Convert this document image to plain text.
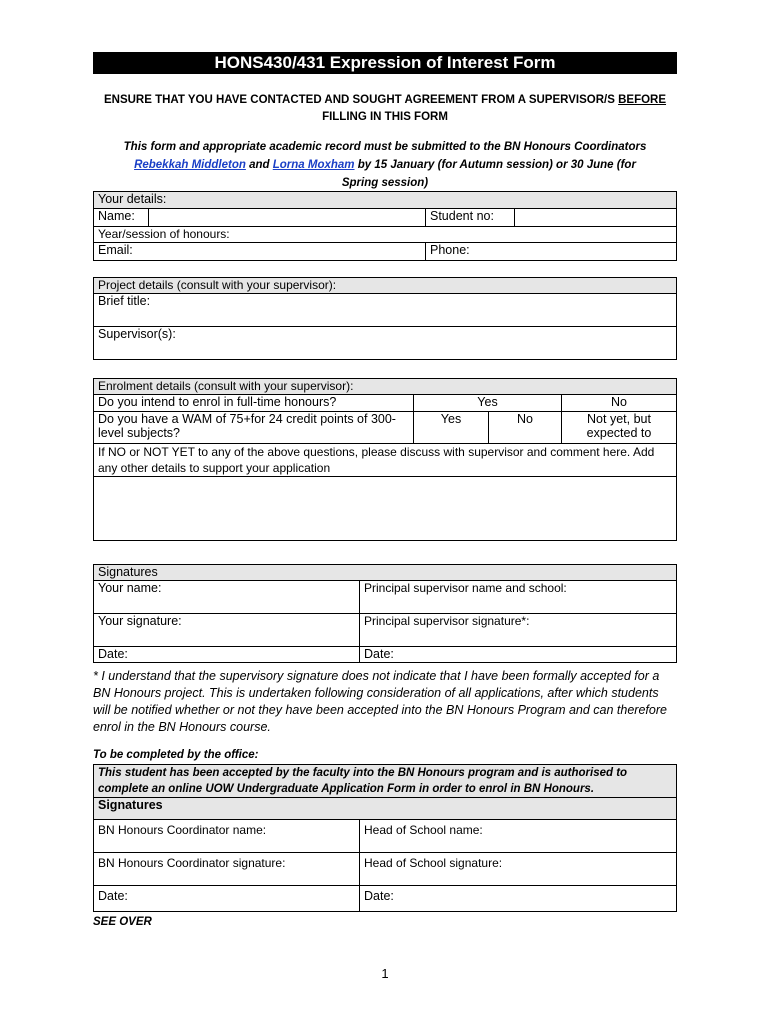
HONS430/431 Expression of Interest Form
ENSURE THAT YOU HAVE CONTACTED AND SOUGHT AGREEMENT FROM A SUPERVISOR/S BEFORE
FILLING IN THIS FORM
This form and appropriate academic record must be submitted to the BN Honours Coordinators Rebekkah Middleton and Lorna Moxham by 15 January (for Autumn session) or 30 June (for Spring session)
Your details:			
Name:		Student no:	
Year/session of honours:			
Email:		Phone:	
Project details (consult with your supervisor):
Brief title:
Supervisor(s):
Enrolment details (consult with your supervisor):			
Do you intend to enrol in full-time honours?	Yes		No
Do you have a WAM of 75+for 24 credit points of 300-level subjects?	Yes	No	Not yet, but expected to
If NO or NOT YET to any of the above questions, please discuss with supervisor and comment here. Add any other details to support your application			

Signatures	
Your name:	Principal supervisor name and school:
Your signature:	Principal supervisor signature*:
Date:	Date:
* I understand that the supervisory signature does not indicate that I have been formally accepted for a BN Honours project. This is undertaken following consideration of all applications, after which students will be notified whether or not they have been accepted into the BN Honours Program and can therefore enrol in the BN Honours course.
To be completed by the office:
This student has been accepted by the faculty into the BN Honours program and is authorised to complete an online UOW Undergraduate Application Form in order to enrol in BN Honours.	
Signatures	
BN Honours Coordinator name:	Head of School name:
BN Honours Coordinator signature:	Head of School signature:
Date:	Date:
SEE OVER
1
